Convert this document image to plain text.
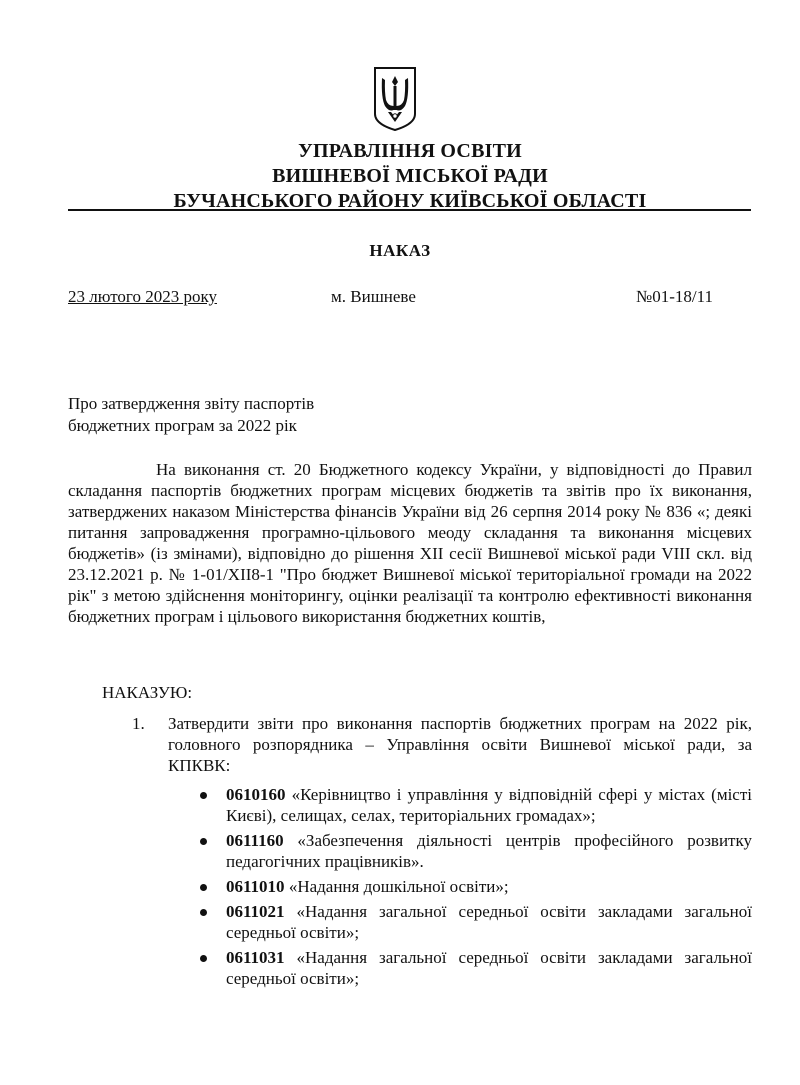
УПРАВЛІННЯ ОСВІТИ
ВИШНЕВОЇ МІСЬКОЇ РАДИ
БУЧАНСЬКОГО РАЙОНУ КИЇВСЬКОЇ ОБЛАСТІ
НАКАЗ
23 лютого 2023 року	м. Вишневе	№01-18/11
Про затвердження звіту паспортів
бюджетних програм за 2022 рік
На виконання ст. 20 Бюджетного кодексу України, у відповідності до Правил складання паспортів бюджетних програм місцевих бюджетів та звітів про їх виконання, затверджених наказом Міністерства фінансів України від 26 серпня 2014 року № 836 «; деякі питання запровадження програмно-цільового меоду складання та виконання місцевих бюджетів» (із змінами), відповідно до рішення XII сесії Вишневої міської ради VIII скл. від 23.12.2021 р. № 1-01/XII8-1 "Про бюджет Вишневої міської територіальної громади на 2022 рік" з метою здійснення моніторингу, оцінки реалізації та контролю ефективності виконання бюджетних програм і цільового використання бюджетних коштів,
НАКАЗУЮ:
1. Затвердити звіти про виконання паспортів бюджетних програм на 2022 рік, головного розпорядника – Управління освіти Вишневої міської ради, за КПКВК:
0610160 «Керівництво і управління у відповідній сфері у містах (місті Києві), селищах, селах, територіальних громадах»;
0611160 «Забезпечення діяльності центрів професійного розвитку педагогічних працівників».
0611010 «Надання дошкільної освіти»;
0611021 «Надання загальної середньої освіти закладами загальної середньої освіти»;
0611031 «Надання загальної середньої освіти закладами загальної середньої освіти»;
